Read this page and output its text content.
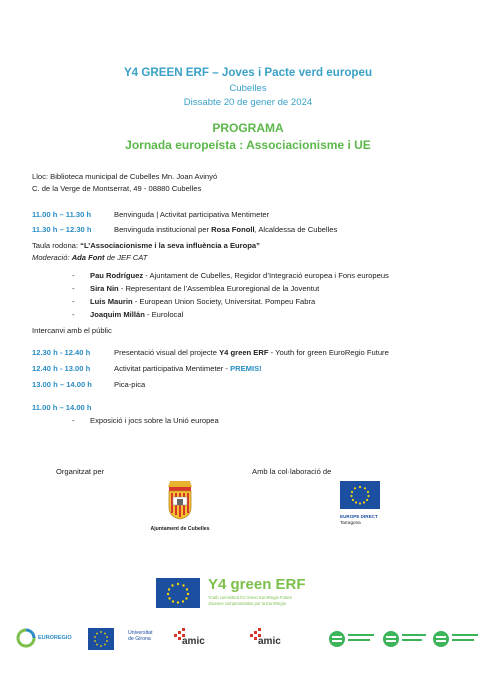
Y4 GREEN ERF – Joves i Pacte verd europeu
Cubelles
Dissabte 20 de gener de 2024
PROGRAMA
Jornada europeísta : Associacionisme i UE
Lloc: Biblioteca municipal de Cubelles Mn. Joan Avinyó
C. de la Verge de Montserrat, 49 - 08880 Cubelles
11.00 h – 11.30 h	Benvinguda | Activitat participativa Mentimeter
11.30 h – 12.30 h	Benvinguda institucional per Rosa Fonoll, Alcaldessa de Cubelles
Taula rodona: “L’Associacionisme i la seva influència a Europa”
Moderació: Ada Font de JEF CAT
- Pau Rodríguez - Ajuntament de Cubelles, Regidor d’Integració europea i Fons europeus
- Sira Nin - Representant de l’Assemblea Euroregional de la Joventut
- Luis Maurin - European Union Society, Universitat. Pompeu Fabra
- Joaquim Millán - Eurolocal
Intercanvi amb el públic
12.30 h - 12.40 h	Presentació visual del projecte Y4 green ERF - Youth for green EuroRegio Future
12.40 h - 13.00 h	Activitat participativa Mentimeter - PREMIS!
13.00 h – 14.00 h	Pica-pica
11.00 h – 14.00 h
- Exposició i jocs sobre la Unió europea
Organitzat per	Amb la col·laboració de
Ajuntament de Cubelles
EUROPE DIRECT
Tarragona
Y4 green ERF
Youth committed for Green EuroRegio Future
Jóvenes comprometidos por la EuroRegio
EUROREGIO
Universitat
de Girona	amic	amic
